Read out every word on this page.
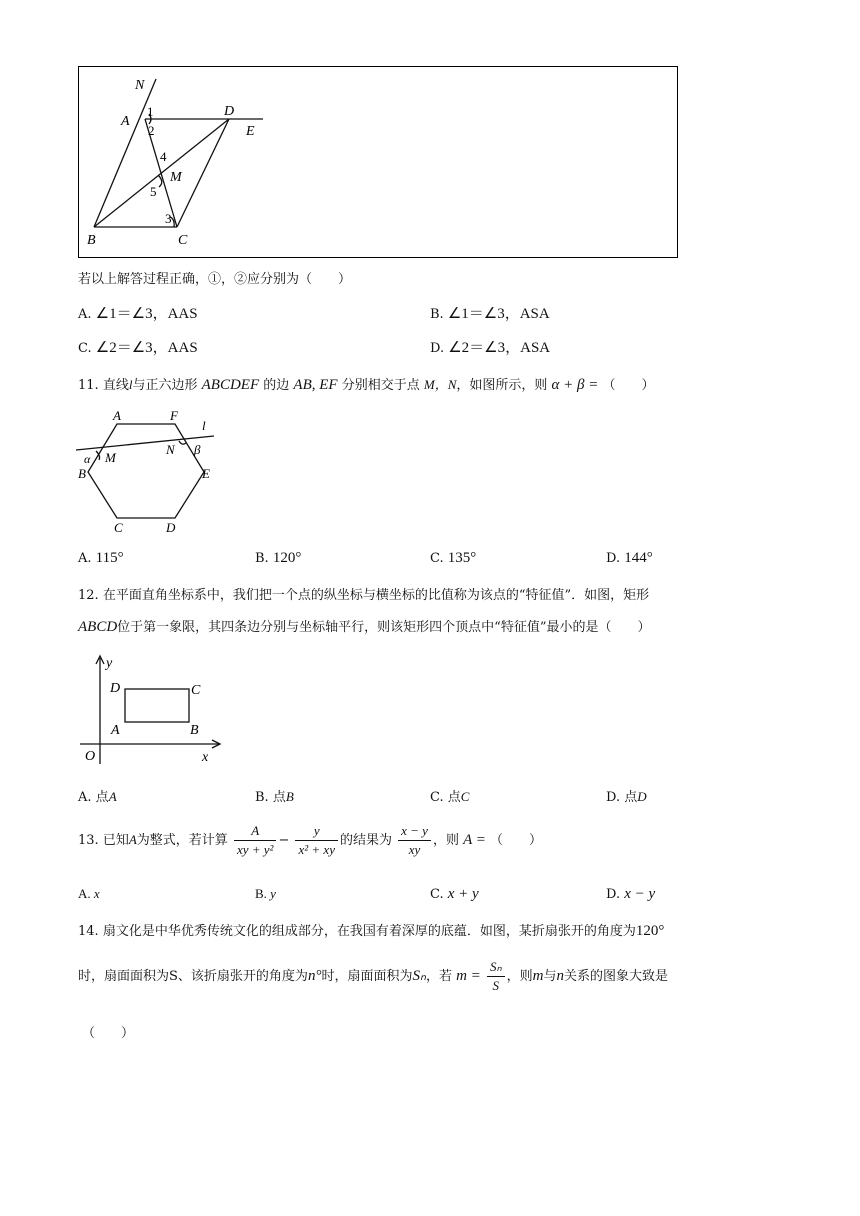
N
A
1
2
D
E
4
M
5
3
B	C
若以上解答过程正确，①，②应分别为（　　）
A. ∠1＝∠3，AAS	B. ∠1＝∠3，ASA
C. ∠2＝∠3，AAS	D. ∠2＝∠3，ASA
11. 直线l与正六边形 ABCDEF 的边 AB, EF 分别相交于点 M，N，如图所示，则 α + β = （　　）
A	F
l
α M
N β
B	E
C	D
A. 115°	B. 120°	C. 135°	D. 144°
12. 在平面直角坐标系中，我们把一个点的纵坐标与横坐标的比值称为该点的“特征值”．如图，矩形
ABCD位于第一象限，其四条边分别与坐标轴平行，则该矩形四个顶点中“特征值”最小的是（　　）
y
x
O
A	B
C
D
A. 点A	B. 点B	C. 点C	D. 点D
13. 已知A为整式，若计算 $\frac{A}{\text{xy + y²}} - \frac{y}{\text{x² + xy}}$ 的结果为 $\frac{x - y}{xy}$ ，则 A = （　　）
A. x	B. y	C. x + y	D. x − y
14. 扇文化是中华优秀传统文化的组成部分，在我国有着深厚的底蕴．如图，某折扇张开的角度为120°
时，扇面面积为S、该折扇张开的角度为n°时，扇面面积为Sₙ，若 $m = \frac{\text{Sₙ}}{S}$ ，则m与n关系的图象大致是
（　　）
